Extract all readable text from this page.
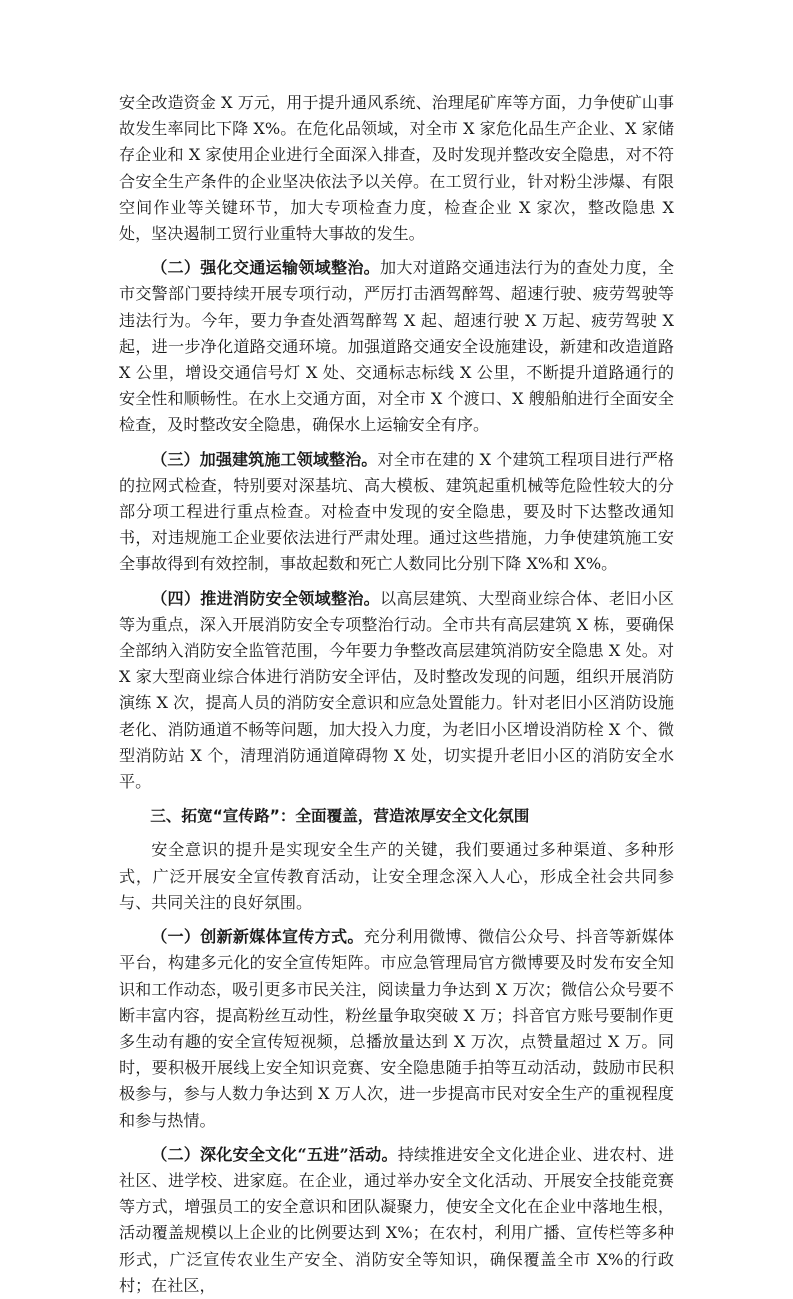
安全改造资金 X 万元，用于提升通风系统、治理尾矿库等方面，力争使矿山事故发生率同比下降 X%。在危化品领域，对全市 X 家危化品生产企业、X 家储存企业和 X 家使用企业进行全面深入排查，及时发现并整改安全隐患，对不符合安全生产条件的企业坚决依法予以关停。在工贸行业，针对粉尘涉爆、有限空间作业等关键环节，加大专项检查力度，检查企业 X 家次，整改隐患 X 处，坚决遏制工贸行业重特大事故的发生。

（二）强化交通运输领域整治。加大对道路交通违法行为的查处力度，全市交警部门要持续开展专项行动，严厉打击酒驾醉驾、超速行驶、疲劳驾驶等违法行为。今年，要力争查处酒驾醉驾 X 起、超速行驶 X 万起、疲劳驾驶 X 起，进一步净化道路交通环境。加强道路交通安全设施建设，新建和改造道路 X 公里，增设交通信号灯 X 处、交通标志标线 X 公里，不断提升道路通行的安全性和顺畅性。在水上交通方面，对全市 X 个渡口、X 艘船舶进行全面安全检查，及时整改安全隐患，确保水上运输安全有序。

（三）加强建筑施工领域整治。对全市在建的 X 个建筑工程项目进行严格的拉网式检查，特别要对深基坑、高大模板、建筑起重机械等危险性较大的分部分项工程进行重点检查。对检查中发现的安全隐患，要及时下达整改通知书，对违规施工企业要依法进行严肃处理。通过这些措施，力争使建筑施工安全事故得到有效控制，事故起数和死亡人数同比分别下降 X%和 X%。

（四）推进消防安全领域整治。以高层建筑、大型商业综合体、老旧小区等为重点，深入开展消防安全专项整治行动。全市共有高层建筑 X 栋，要确保全部纳入消防安全监管范围，今年要力争整改高层建筑消防安全隐患 X 处。对 X 家大型商业综合体进行消防安全评估，及时整改发现的问题，组织开展消防演练 X 次，提高人员的消防安全意识和应急处置能力。针对老旧小区消防设施老化、消防通道不畅等问题，加大投入力度，为老旧小区增设消防栓 X 个、微型消防站 X 个，清理消防通道障碍物 X 处，切实提升老旧小区的消防安全水平。

三、拓宽“宣传路”：全面覆盖，营造浓厚安全文化氛围

安全意识的提升是实现安全生产的关键，我们要通过多种渠道、多种形式，广泛开展安全宣传教育活动，让安全理念深入人心，形成全社会共同参与、共同关注的良好氛围。

（一）创新新媒体宣传方式。充分利用微博、微信公众号、抖音等新媒体平台，构建多元化的安全宣传矩阵。市应急管理局官方微博要及时发布安全知识和工作动态，吸引更多市民关注，阅读量力争达到 X 万次；微信公众号要不断丰富内容，提高粉丝互动性，粉丝量争取突破 X 万；抖音官方账号要制作更多生动有趣的安全宣传短视频，总播放量达到 X 万次，点赞量超过 X 万。同时，要积极开展线上安全知识竞赛、安全隐患随手拍等互动活动，鼓励市民积极参与，参与人数力争达到 X 万人次，进一步提高市民对安全生产的重视程度和参与热情。

（二）深化安全文化“五进”活动。持续推进安全文化进企业、进农村、进社区、进学校、进家庭。在企业，通过举办安全文化活动、开展安全技能竞赛等方式，增强员工的安全意识和团队凝聚力，使安全文化在企业中落地生根，活动覆盖规模以上企业的比例要达到 X%；在农村，利用广播、宣传栏等多种形式，广泛宣传农业生产安全、消防安全等知识，确保覆盖全市 X%的行政村；在社区，
